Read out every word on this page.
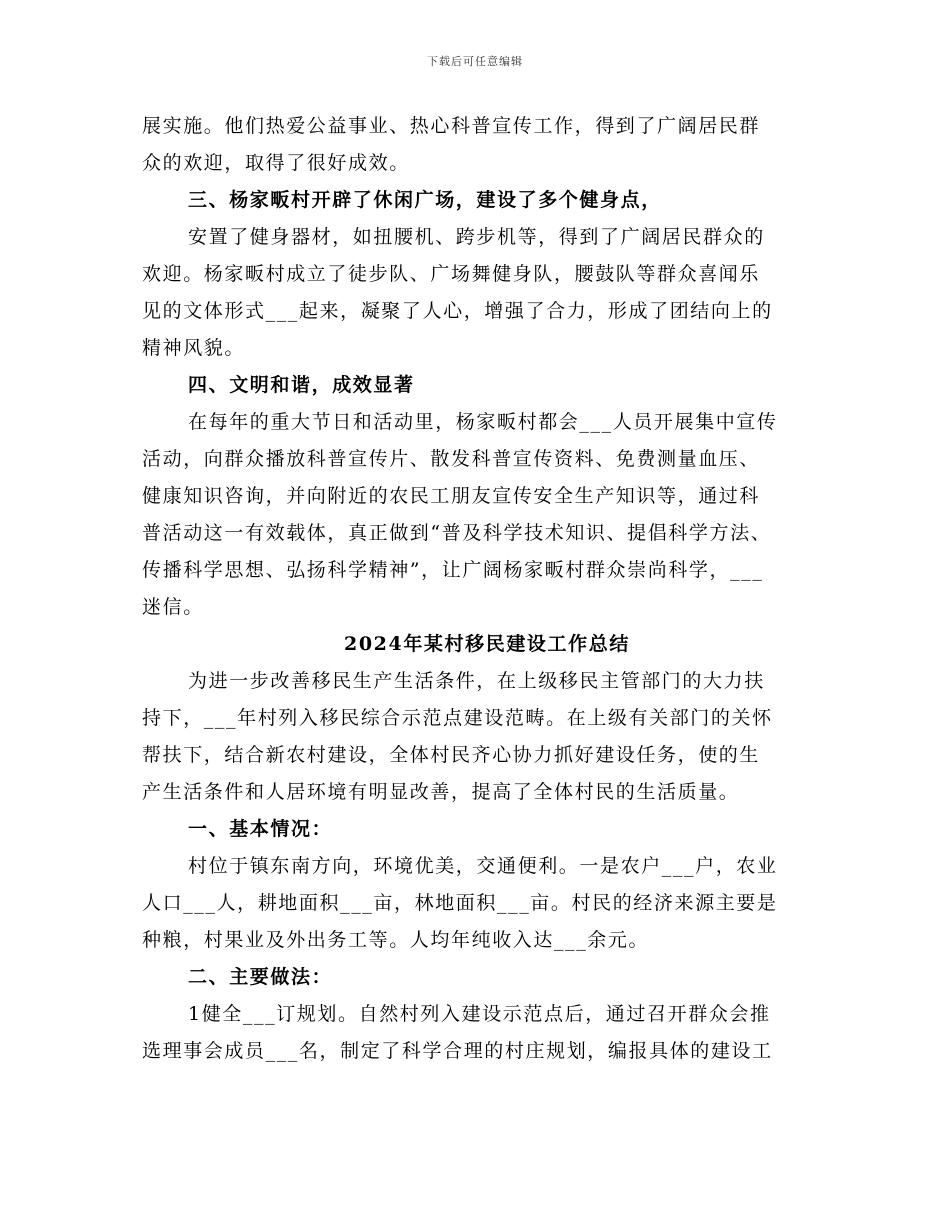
下载后可任意编辑
展实施。他们热爱公益事业、热心科普宣传工作，得到了广阔居民群
众的欢迎，取得了很好成效。
三、杨家畈村开辟了休闲广场，建设了多个健身点，
安置了健身器材，如扭腰机、跨步机等，得到了广阔居民群众的
欢迎。杨家畈村成立了徒步队、广场舞健身队，腰鼓队等群众喜闻乐
见的文体形式___起来，凝聚了人心，增强了合力，形成了团结向上的
精神风貌。
四、文明和谐，成效显著
在每年的重大节日和活动里，杨家畈村都会___人员开展集中宣传
活动，向群众播放科普宣传片、散发科普宣传资料、免费测量血压、
健康知识咨询，并向附近的农民工朋友宣传安全生产知识等，通过科
普活动这一有效载体，真正做到“普及科学技术知识、提倡科学方法、
传播科学思想、弘扬科学精神”，让广阔杨家畈村群众崇尚科学，___
迷信。
2024年某村移民建设工作总结
为进一步改善移民生产生活条件，在上级移民主管部门的大力扶
持下，___年村列入移民综合示范点建设范畴。在上级有关部门的关怀
帮扶下，结合新农村建设，全体村民齐心协力抓好建设任务，使的生
产生活条件和人居环境有明显改善，提高了全体村民的生活质量。
一、基本情况：
村位于镇东南方向，环境优美，交通便利。一是农户___户，农业
人口___人，耕地面积___亩，林地面积___亩。村民的经济来源主要是
种粮，村果业及外出务工等。人均年纯收入达___余元。
二、主要做法：
1健全___订规划。自然村列入建设示范点后，通过召开群众会推
选理事会成员___名，制定了科学合理的村庄规划，编报具体的建设工
